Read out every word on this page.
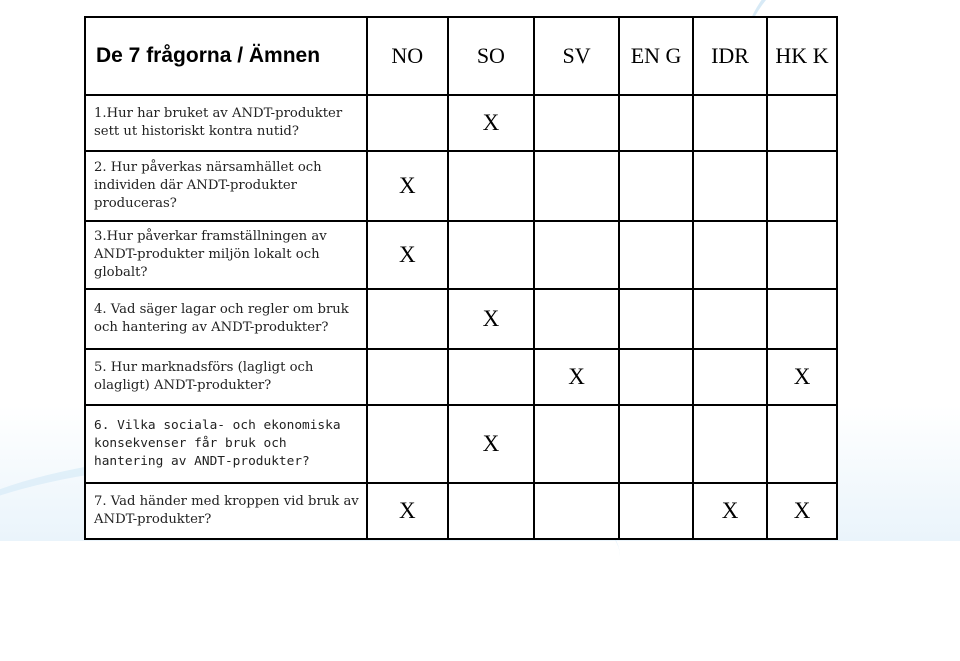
De 7 frågorna / Ämnen	NO	SO	SV	EN G	IDR	HK K
1.Hur har bruket av ANDT-produkter sett ut historiskt kontra nutid?		X				
2. Hur påverkas närsamhället och individen där ANDT-produkter produceras?	X					
3.Hur påverkar framställningen av ANDT-produkter miljön lokalt och globalt?	X					
4. Vad säger lagar och regler om bruk och hantering av ANDT-produkter?		X				
5. Hur marknadsförs (lagligt och olagligt) ANDT-produkter?			X			X
6. Vilka sociala- och ekonomiska konsekvenser får bruk och hantering av ANDT-produkter?		X				
7. Vad händer med kroppen vid bruk av ANDT-produkter?	X				X	X
